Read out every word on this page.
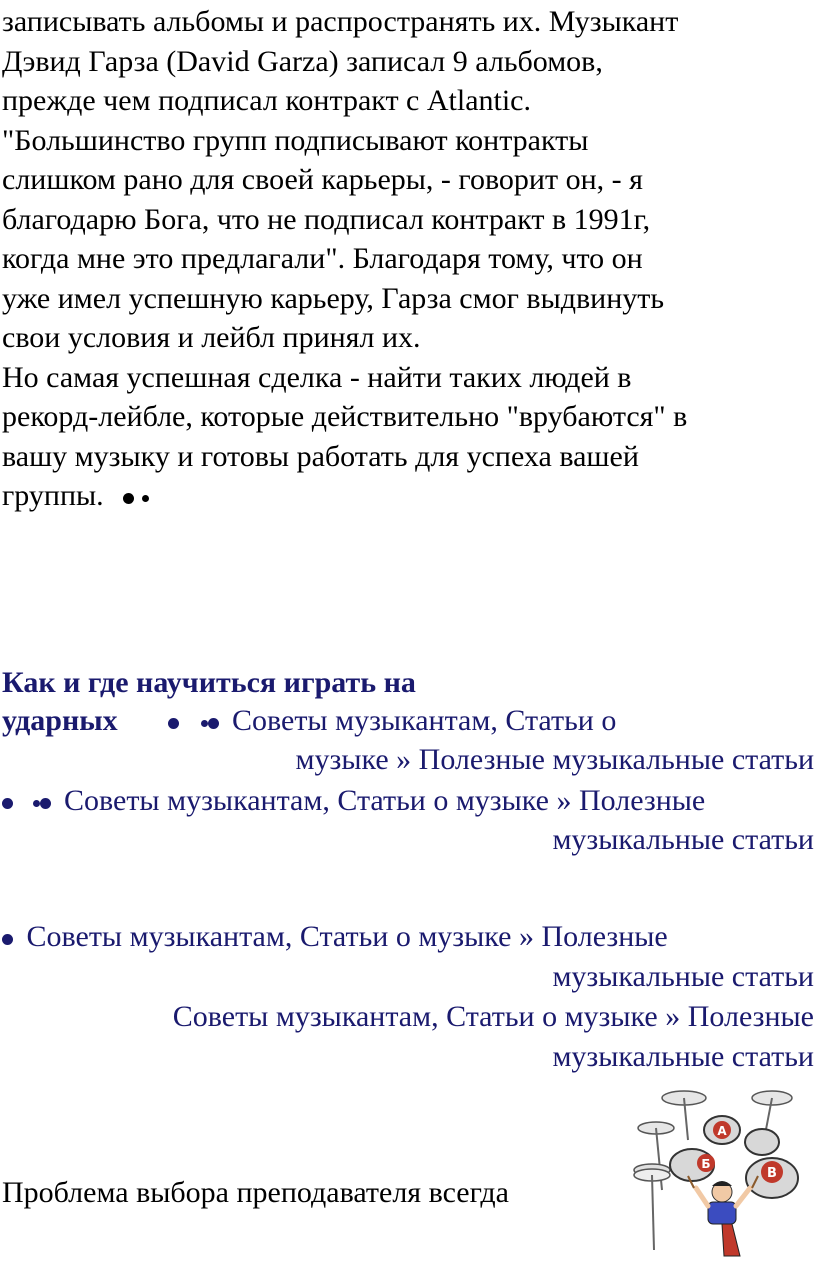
записывать альбомы и распространять их. Музыкант
Дэвид Гарза (David Garza) записал 9 альбомов,
прежде чем подписал контракт с Atlantic.
"Большинство групп подписывают контракты
слишком рано для своей карьеры, - говорит он, - я
благодарю Бога, что не подписал контракт в 1991г,
когда мне это предлагали". Благодаря тому, что он
уже имел успешную карьеру, Гарза смог выдвинуть
свои условия и лейбл принял их.
Но самая успешная сделка - найти таких людей в
рекорд-лейбле, которые действительно "врубаются" в
вашу музыку и готовы работать для успеха вашей
группы.
Как и где научиться играть на
ударных	Советы музыкантам, Статьи о
музыке » Полезные музыкальные статьи
Советы музыкантам, Статьи о музыке » Полезные
музыкальные статьи
Советы музыкантам, Статьи о музыке » Полезные
музыкальные статьи
Советы музыкантам, Статьи о музыке » Полезные
музыкальные статьи
Проблема выбора преподавателя всегда
А
Б
В
